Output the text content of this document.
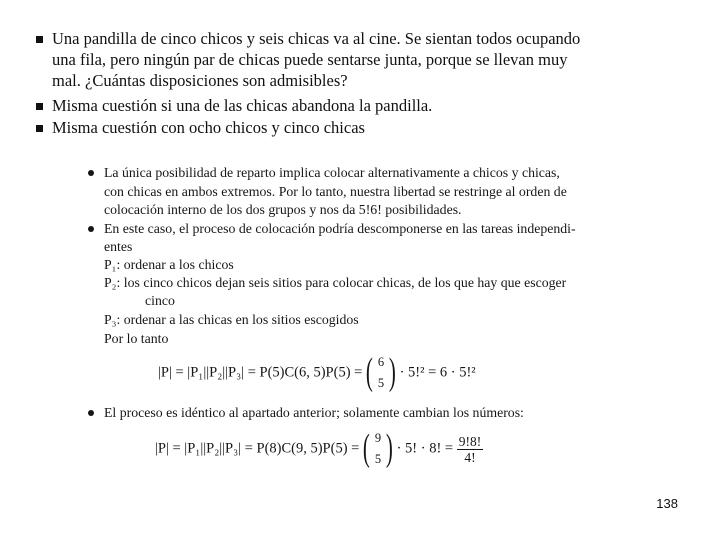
Una pandilla de cinco chicos y seis chicas va al cine. Se sientan todos ocupando
una fila, pero ningún par de chicas puede sentarse junta, porque se llevan muy
mal. ¿Cuántas disposiciones son admisibles?
Misma cuestión si una de las chicas abandona la pandilla.
Misma cuestión con ocho chicos y cinco chicas
La única posibilidad de reparto implica colocar alternativamente a chicos y chicas,
con chicas en ambos extremos. Por lo tanto, nuestra libertad se restringe al orden de
colocación interno de los dos grupos y nos da 5!6! posibilidades.
En este caso, el proceso de colocación podría descomponerse en las tareas independi-
entes
P₁: ordenar a los chicos
P₂: los cinco chicos dejan seis sitios para colocar chicas, de los que hay que escoger
cinco
P₃: ordenar a las chicas en los sitios escogidos
Por lo tanto
|P| = |P₁||P₂||P₃| = P(5)C(6, 5)P(5) = ( 6
5 ) · 5!² = 6 · 5!²
El proceso es idéntico al apartado anterior; solamente cambian los números:
|P| = |P₁||P₂||P₃| = P(8)C(9, 5)P(5) = ( 9
5 ) · 5! · 8! = $\frac{9!8!}{4!}$
138
